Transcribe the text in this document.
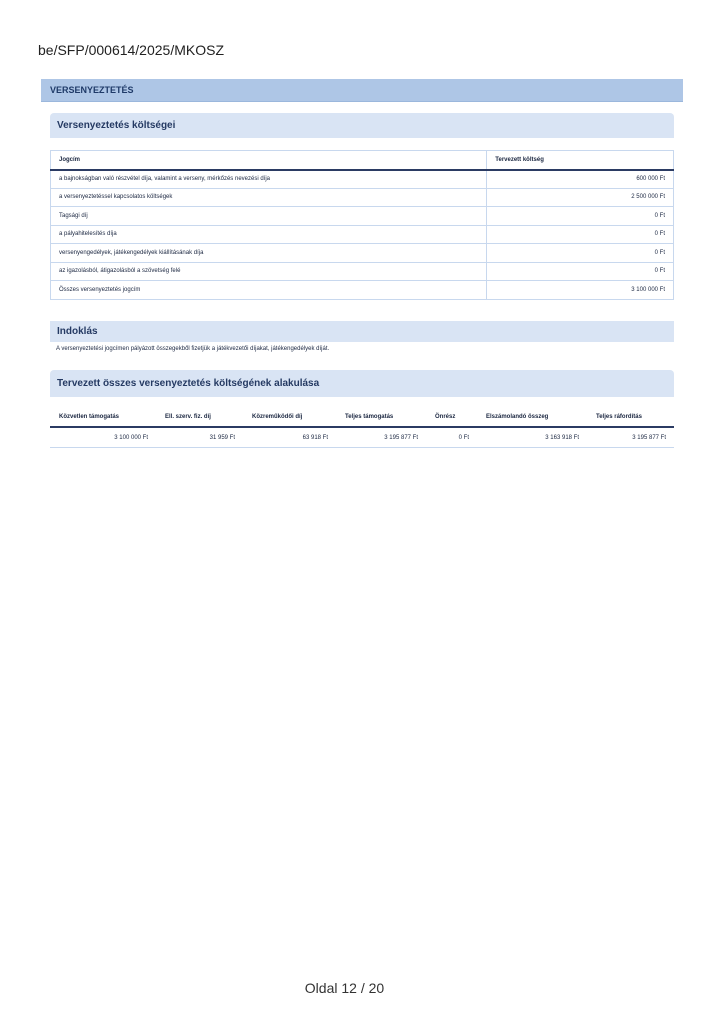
be/SFP/000614/2025/MKOSZ
VERSENYEZTETÉS
Versenyeztetés költségei
Jogcím	Tervezett költség
a bajnokságban való részvétel díja, valamint a verseny, mérkőzés nevezési díja	600 000 Ft
a versenyeztetéssel kapcsolatos költségek	2 500 000 Ft
Tagsági díj	0 Ft
a pályahitelesítés díja	0 Ft
versenyengedélyek, játékengedélyek kiállításának díja	0 Ft
az igazolásból, átigazolásból a szövetség felé	0 Ft
Összes versenyeztetés jogcím	3 100 000 Ft
Indoklás
A versenyeztetési jogcímen pályázott összegekből fizetjük a játékvezetői díjakat, játékengedélyek díját.
Tervezett összes versenyeztetés költségének alakulása
Közvetlen támogatás	Ell. szerv. fiz. díj	Közreműködői díj	Teljes támogatás	Önrész	Elszámolandó összeg	Teljes ráfordítás
3 100 000 Ft	31 959 Ft	63 918 Ft	3 195 877 Ft	0 Ft	3 163 918 Ft	3 195 877 Ft
Oldal 12 / 20
